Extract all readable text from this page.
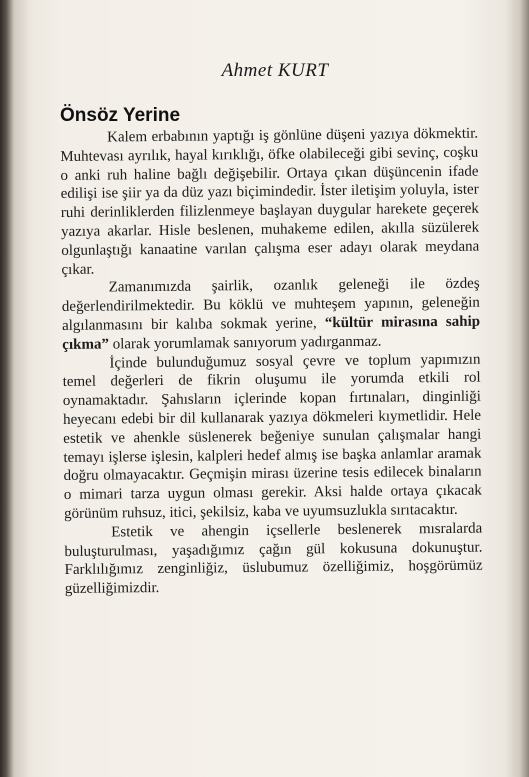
Ahmet KURT
Önsöz Yerine

Kalem erbabının yaptığı iş gönlüne düşeni yazıya dökmektir. Muhtevası ayrılık, hayal kırıklığı, öfke olabileceği gibi sevinç, coşku o anki ruh haline bağlı değişebilir. Ortaya çıkan düşüncenin ifade edilişi ise şiir ya da düz yazı biçimindedir. İster iletişim yoluyla, ister ruhi derinliklerden filizlenmeye başlayan duygular harekete geçerek yazıya akarlar. Hisle beslenen, muhakeme edilen, akılla süzülerek olgunlaştığı kanaatine varılan çalışma eser adayı olarak meydana çıkar.

Zamanımızda şairlik, ozanlık geleneği ile özdeş değerlendirilmektedir. Bu köklü ve muhteşem yapının, geleneğin algılanmasını bir kalıba sokmak yerine, “kültür mirasına sahip çıkma” olarak yorumlamak sanıyorum yadırganmaz.

İçinde bulunduğumuz sosyal çevre ve toplum yapımızın temel değerleri de fikrin oluşumu ile yorumda etkili rol oynamaktadır. Şahısların içlerinde kopan fırtınaları, dinginliği heyecanı edebi bir dil kullanarak yazıya dökmeleri kıymetlidir. Hele estetik ve ahenkle süslenerek beğeniye sunulan çalışmalar hangi temayı işlerse işlesin, kalpleri hedef almış ise başka anlamlar aramak doğru olmayacaktır. Geçmişin mirası üzerine tesis edilecek binaların o mimari tarza uygun olması gerekir. Aksi halde ortaya çıkacak görünüm ruhsuz, itici, şekilsiz, kaba ve uyumsuzlukla sırıtacaktır.

Estetik ve ahengin içsellerle beslenerek mısralarda buluşturulması, yaşadığımız çağın gül kokusuna dokunuştur. Farklılığımız zenginliğiz, üslubumuz özelliğimiz, hoşgörümüz güzelliğimizdir.
